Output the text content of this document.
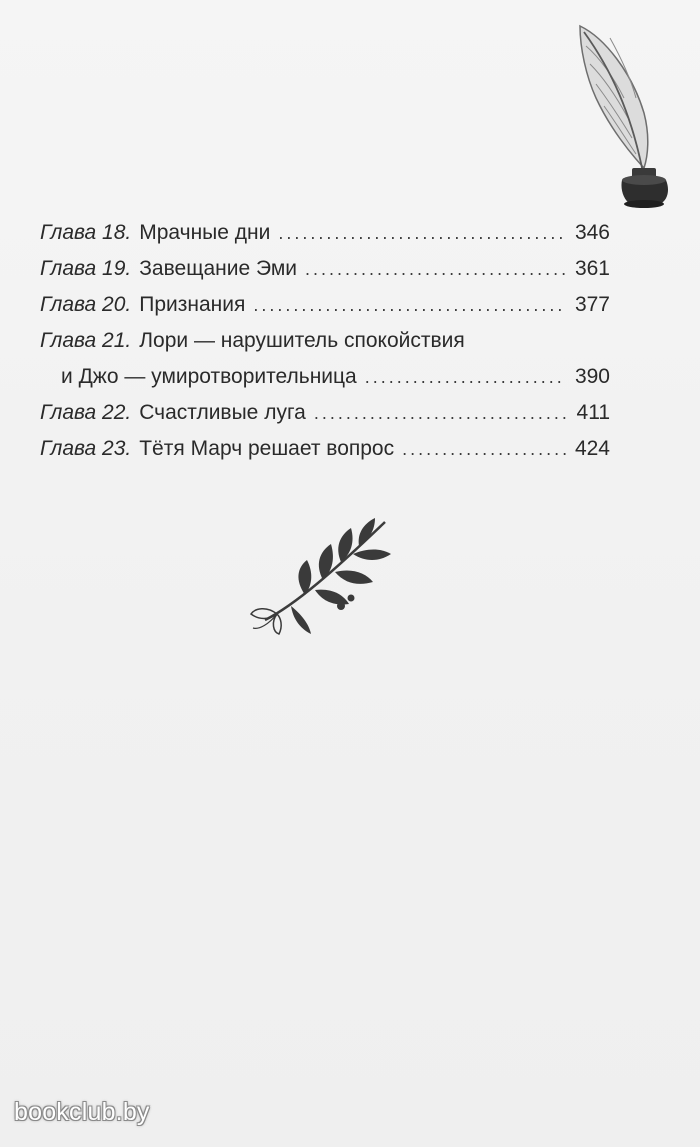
Глава 18. Мрачные дни . . .	346
Глава 19. Завещание Эми . . .	361
Глава 20. Признания . . .	377
Глава 21. Лори — нарушитель спокойствия
и Джо — умиротворительница . . .	390
Глава 22. Счастливые луга . . .	411
Глава 23. Тётя Марч решает вопрос . . .	424
bookclub.by
